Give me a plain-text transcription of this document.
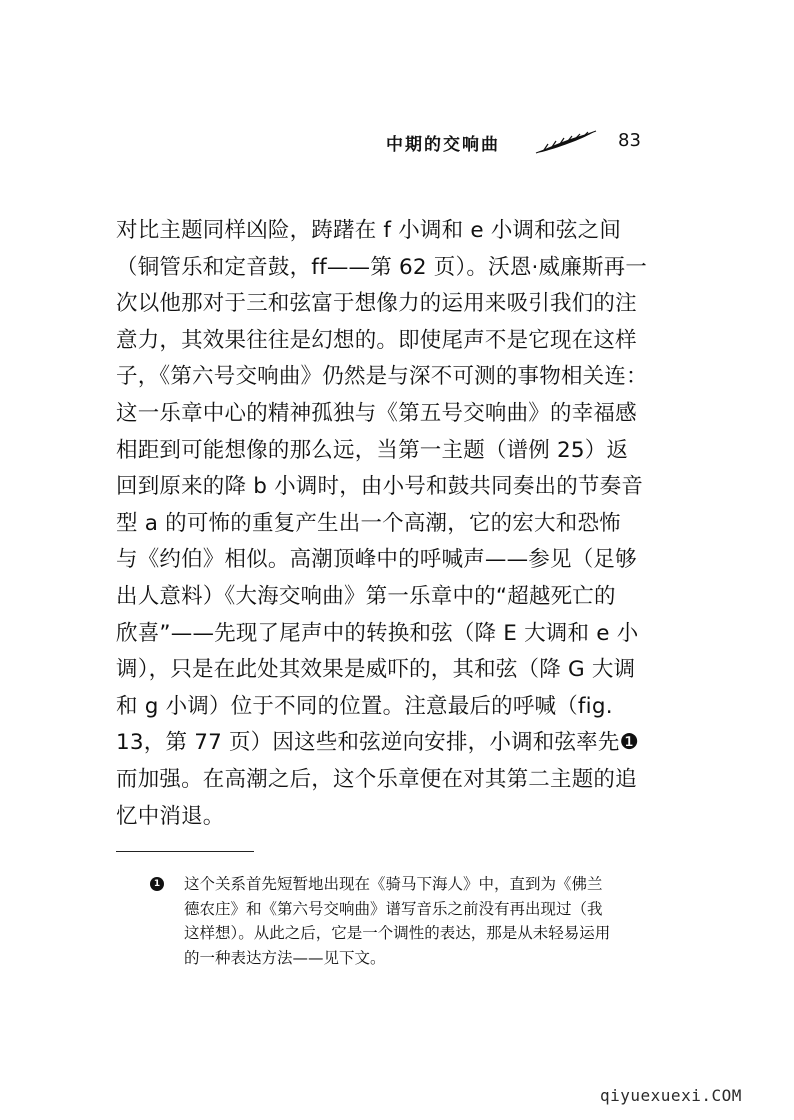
中期的交响曲	83
对比主题同样凶险，踌躇在 f 小调和 e 小调和弦之间
（铜管乐和定音鼓，ff——第 62 页）。沃恩·威廉斯再一
次以他那对于三和弦富于想像力的运用来吸引我们的注
意力，其效果往往是幻想的。即使尾声不是它现在这样
子，《第六号交响曲》仍然是与深不可测的事物相关连：
这一乐章中心的精神孤独与《第五号交响曲》的幸福感
相距到可能想像的那么远，当第一主题（谱例 25）返
回到原来的降 b 小调时，由小号和鼓共同奏出的节奏音
型 a 的可怖的重复产生出一个高潮，它的宏大和恐怖
与《约伯》相似。高潮顶峰中的呼喊声——参见（足够
出人意料）《大海交响曲》第一乐章中的“超越死亡的
欣喜”——先现了尾声中的转换和弦（降 E 大调和 e 小
调），只是在此处其效果是威吓的，其和弦（降 G 大调
和 g 小调）位于不同的位置。注意最后的呼喊（fig.
13，第 77 页）因这些和弦逆向安排，小调和弦率先❶
而加强。在高潮之后，这个乐章便在对其第二主题的追
忆中消退。
1 这个关系首先短暂地出现在《骑马下海人》中，直到为《佛兰
德农庄》和《第六号交响曲》谱写音乐之前没有再出现过（我
这样想）。从此之后，它是一个调性的表达，那是从未轻易运用
的一种表达方法——见下文。
qiyuexuexi.COM
